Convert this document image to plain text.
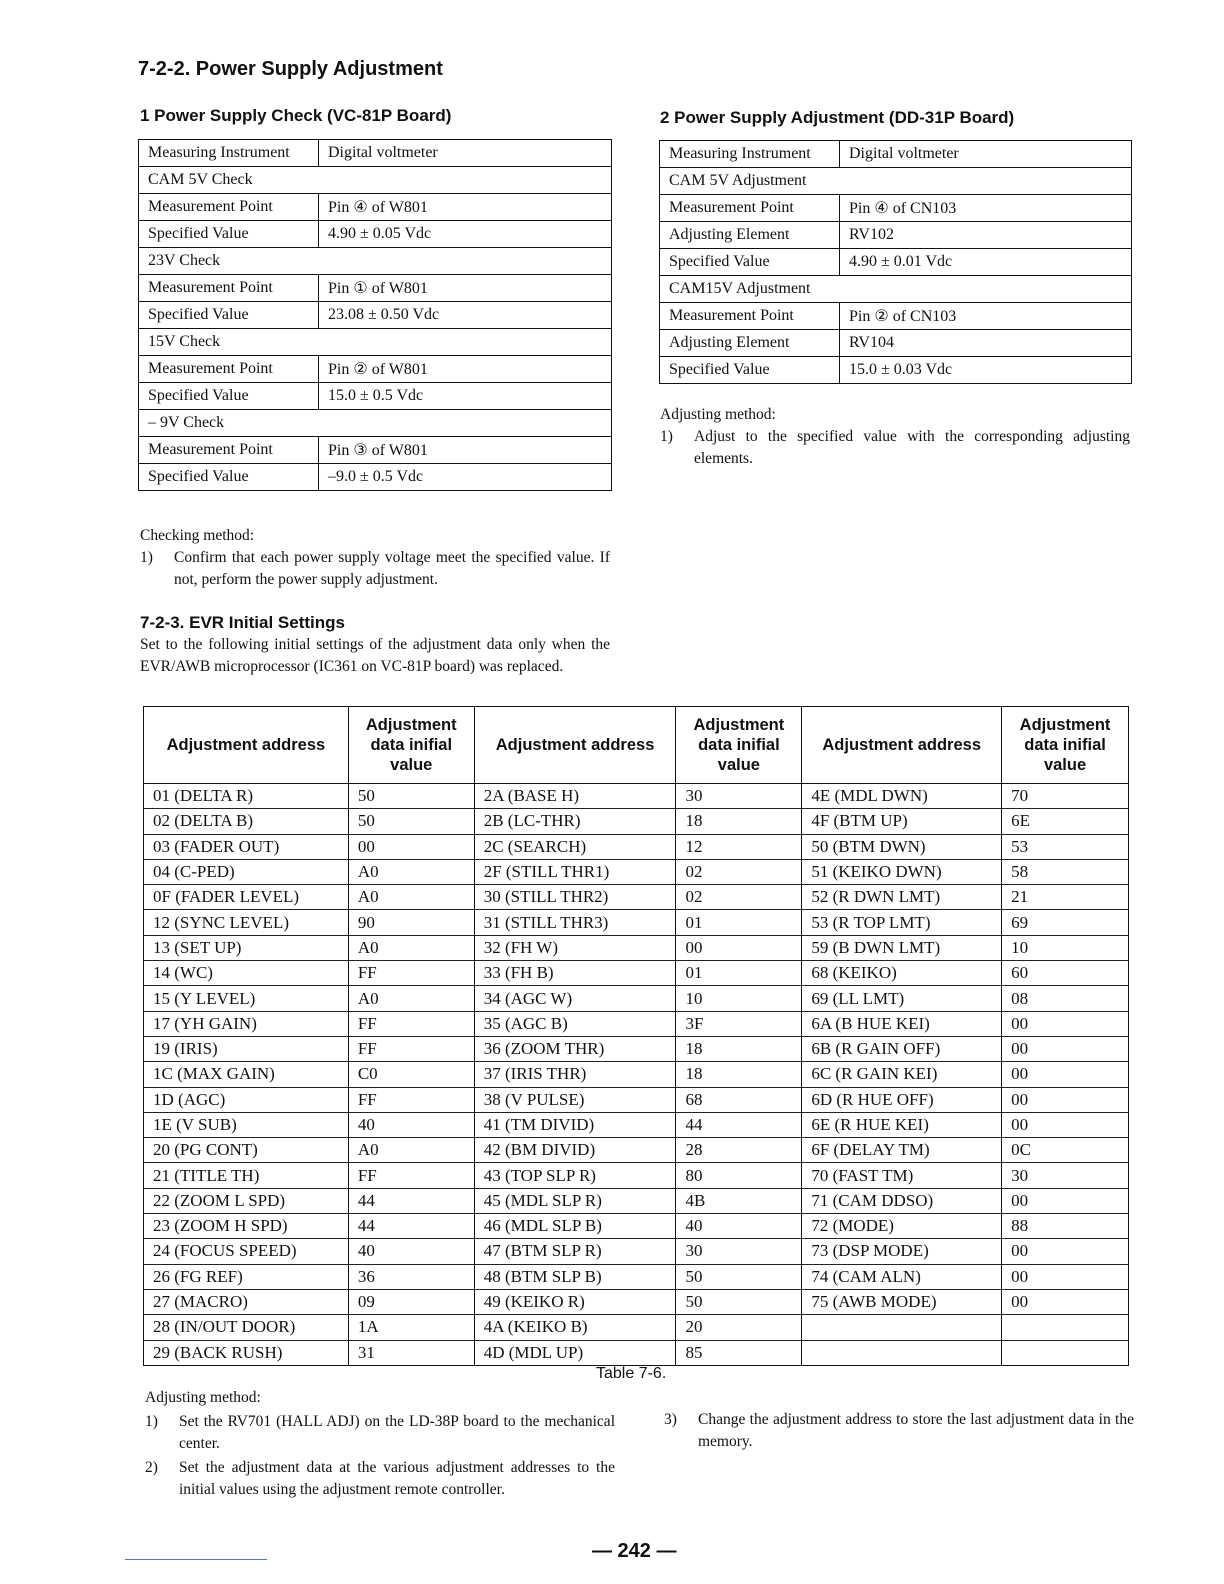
7-2-2. Power Supply Adjustment
1 Power Supply Check (VC-81P Board)
Measuring Instrument	Digital voltmeter
CAM 5V Check	
Measurement Point	Pin ④ of W801
Specified Value	4.90 ± 0.05 Vdc
23V Check	
Measurement Point	Pin ① of W801
Specified Value	23.08 ± 0.50 Vdc
15V Check	
Measurement Point	Pin ② of W801
Specified Value	15.0 ± 0.5 Vdc
– 9V Check	
Measurement Point	Pin ③ of W801
Specified Value	–9.0 ± 0.5 Vdc

Checking method:

1)	Confirm that each power supply voltage meet the specified value. If not, perform the power supply adjustment.
2 Power Supply Adjustment (DD-31P Board)
Measuring Instrument	Digital voltmeter
CAM 5V Adjustment	
Measurement Point	Pin ④ of CN103
Adjusting Element	RV102
Specified Value	4.90 ± 0.01 Vdc
CAM15V Adjustment	
Measurement Point	Pin ② of CN103
Adjusting Element	RV104
Specified Value	15.0 ± 0.03 Vdc

Adjusting method:

1)	Adjust to the specified value with the corresponding adjusting elements.
7-2-3. EVR Initial Settings

Set to the following initial settings of the adjustment data only when the EVR/AWB microprocessor (IC361 on VC-81P board) was replaced.

Adjustment address	Adjustment
data inifial
value	Adjustment address	Adjustment
data inifial
value	Adjustment address	Adjustment
data inifial
value
01 (DELTA R)	50	2A (BASE H)	30	4E (MDL DWN)	70
02 (DELTA B)	50	2B (LC-THR)	18	4F (BTM UP)	6E
03 (FADER OUT)	00	2C (SEARCH)	12	50 (BTM DWN)	53
04 (C-PED)	A0	2F (STILL THR1)	02	51 (KEIKO DWN)	58
0F (FADER LEVEL)	A0	30 (STILL THR2)	02	52 (R DWN LMT)	21
12 (SYNC LEVEL)	90	31 (STILL THR3)	01	53 (R TOP LMT)	69
13 (SET UP)	A0	32 (FH W)	00	59 (B DWN LMT)	10
14 (WC)	FF	33 (FH B)	01	68 (KEIKO)	60
15 (Y LEVEL)	A0	34 (AGC W)	10	69 (LL LMT)	08
17 (YH GAIN)	FF	35 (AGC B)	3F	6A (B HUE KEI)	00
19 (IRIS)	FF	36 (ZOOM THR)	18	6B (R GAIN OFF)	00
1C (MAX GAIN)	C0	37 (IRIS THR)	18	6C (R GAIN KEI)	00
1D (AGC)	FF	38 (V PULSE)	68	6D (R HUE OFF)	00
1E (V SUB)	40	41 (TM DIVID)	44	6E (R HUE KEI)	00
20 (PG CONT)	A0	42 (BM DIVID)	28	6F (DELAY TM)	0C
21 (TITLE TH)	FF	43 (TOP SLP R)	80	70 (FAST TM)	30
22 (ZOOM L SPD)	44	45 (MDL SLP R)	4B	71 (CAM DDSO)	00
23 (ZOOM H SPD)	44	46 (MDL SLP B)	40	72 (MODE)	88
24 (FOCUS SPEED)	40	47 (BTM SLP R)	30	73 (DSP MODE)	00
26 (FG REF)	36	48 (BTM SLP B)	50	74 (CAM ALN)	00
27 (MACRO)	09	49 (KEIKO R)	50	75 (AWB MODE)	00
28 (IN/OUT DOOR)	1A	4A (KEIKO B)	20		
29 (BACK RUSH)	31	4D (MDL UP)	85		
Table 7-6.

Adjusting method:

1)	Set the RV701 (HALL ADJ) on the LD-38P board to the mechanical center.
2)	Set the adjustment data at the various adjustment addresses to the initial values using the adjustment remote controller.
3)	Change the adjustment address to store the last adjustment data in the memory.
— 242 —
